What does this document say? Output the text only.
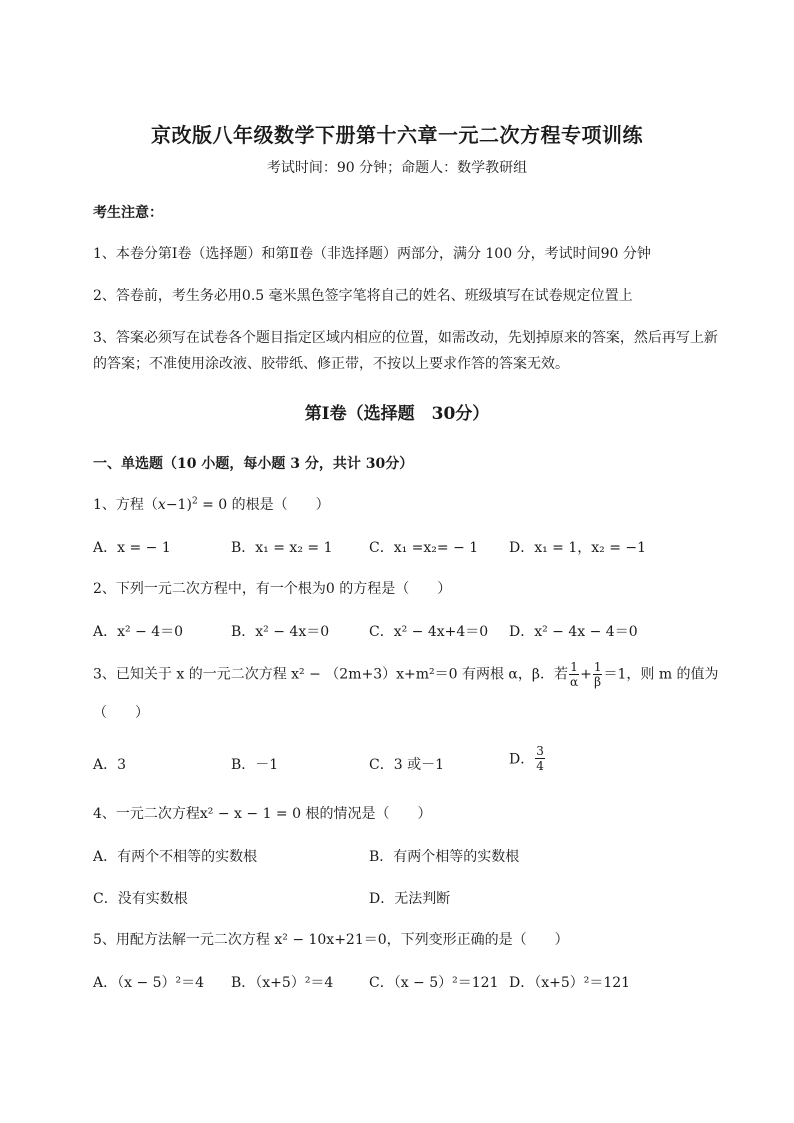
京改版八年级数学下册第十六章一元二次方程专项训练
考试时间：90 分钟；命题人：数学教研组
考生注意：
1、本卷分第Ⅰ卷（选择题）和第Ⅱ卷（非选择题）两部分，满分 100 分，考试时间90 分钟
2、答卷前，考生务必用0.5 毫米黑色签字笔将自己的姓名、班级填写在试卷规定位置上
3、答案必须写在试卷各个题目指定区域内相应的位置，如需改动，先划掉原来的答案，然后再写上新
的答案；不准使用涂改液、胶带纸、修正带，不按以上要求作答的答案无效。
第Ⅰ卷（选择题　30分）
一、单选题（10 小题，每小题 3 分，共计 30分）
1、方程（x−1)$^2$ = 0 的根是（　　）
A．x = − 1	B．x₁ = x₂ = 1	C．x₁ =x₂= − 1 D．x₁ = 1，x₂ = −1
2、下列一元二次方程中，有一个根为0 的方程是（　　）
A．x² − 4＝0	B．x² − 4x＝0	C．x² − 4x+4＝0 D．x² − 4x − 4＝0
3、已知关于 x 的一元二次方程 x² − （2m+3）x+m²＝0 有两根 α，β．若 $\frac{1}{\alpha} + \frac{1}{\beta} =1$，则 m 的值为
（　　）
A．3	B．－1	C．3 或－1	D． $\frac{3}{4}$
4、一元二次方程x² − x − 1 = 0 根的情况是（　　）
A．有两个不相等的实数根	B．有两个相等的实数根
C．没有实数根	D．无法判断
5、用配方法解一元二次方程 x² − 10x+21＝0，下列变形正确的是（　　）
A．（x − 5）²＝4 B．（x+5）²＝4	C．（x − 5）²＝121 D．（x+5）²＝121
